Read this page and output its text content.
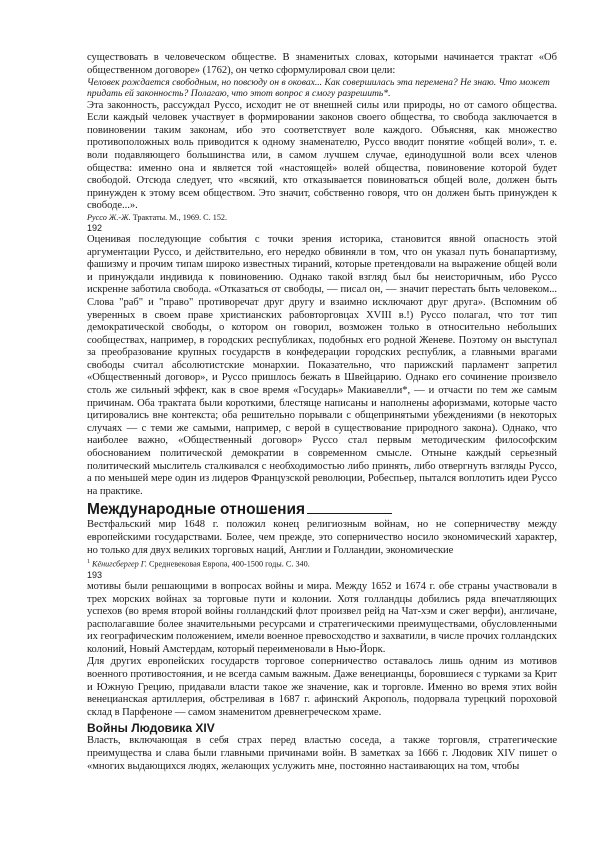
существовать в человеческом обществе. В знаменитых словах, которыми начинается трактат «Об общественном договоре» (1762), он четко сформулировал свои цели:

Человек рождается свободным, но повсюду он в оковах... Как совершилась эта перемена? Не знаю. Что может придать ей законность? Полагаю, что этот вопрос я смогу разрешить*.

Эта законность, рассуждал Руссо, исходит не от внешней силы или природы, но от самого общества. Если каждый человек участвует в формировании законов своего общества, то свобода заключается в повиновении таким законам, ибо это соответствует воле каждого. Объясняя, как множество противоположных воль приводится к одному знаменателю, Руссо вводит понятие «общей воли», т. е. воли подавляющего большинства или, в самом лучшем случае, единодушной воли всех членов общества: именно она и является той «настоящей» волей общества, повиновение которой будет свободой. Отсюда следует, что «всякий, кто отказывается повиноваться общей воле, должен быть принужден к этому всем обществом. Это значит, собственно говоря, что он должен быть принужден к свободе...».

Руссо Ж.-Ж. Трактаты. М., 1969. С. 152.

192

Оценивая последующие события с точки зрения историка, становится явной опасность этой аргументации Руссо, и действительно, его нередко обвиняли в том, что он указал путь бонапартизму, фашизму и прочим типам широко известных тираний, которые претендовали на выражение общей воли и принуждали индивида к повиновению. Однако такой взгляд был бы неисторичным, ибо Руссо искренне заботила свобода. «Отказаться от свободы, — писал он, — значит перестать быть человеком... Слова "раб" и "право" противоречат друг другу и взаимно исключают друг друга». (Вспомним об уверенных в своем праве христианских рабовторговцах XVIII в.!) Руссо полагал, что тот тип демократической свободы, о котором он говорил, возможен только в относительно небольших сообществах, например, в городских республиках, подобных его родной Женеве. Поэтому он выступал за преобразование крупных государств в конфедерации городских республик, а главными врагами свободы считал абсолютистские монархии. Показательно, что парижский парламент запретил «Общественный договор», и Руссо пришлось бежать в Швейцарию. Однако его сочинение произвело столь же сильный эффект, как в свое время «Государь» Макиавелли*, — и отчасти по тем же самым причинам. Оба трактата были короткими, блестяще написаны и наполнены афоризмами, которые часто цитировались вне контекста; оба решительно порывали с общепринятыми убеждениями (в некоторых случаях — с теми же самыми, например, с верой в существование природного закона). Однако, что наиболее важно, «Общественный договор» Руссо стал первым методическим философским обоснованием политической демократии в современном смысле. Отныне каждый серьезный политический мыслитель сталкивался с необходимостью либо принять, либо отвергнуть взгляды Руссо, а по меньшей мере один из лидеров Французской революции, Робеспьер, пытался воплотить идеи Руссо на практике.

Международные отношения

Вестфальский мир 1648 г. положил конец религиозным войнам, но не соперничеству между европейскими государствами. Более, чем прежде, это соперничество носило экономический характер, но только для двух великих торговых наций, Англии и Голландии, экономические

$^1$ Кёнигсбергер Г. Средневековая Европа, 400-1500 годы. С. 340.

193

мотивы были решающими в вопросах войны и мира. Между 1652 и 1674 г. обе страны участвовали в трех морских войнах за торговые пути и колонии. Хотя голландцы добились ряда впечатляющих успехов (во время второй войны голландский флот произвел рейд на Чат-хэм и сжег верфи), англичане, располагавшие более значительными ресурсами и стратегическими преимуществами, обусловленными их географическим положением, имели военное превосходство и захватили, в числе прочих голландских колоний, Новый Амстердам, который переименовали в Нью-Йорк.

Для других европейских государств торговое соперничество оставалось лишь одним из мотивов военного противостояния, и не всегда самым важным. Даже венецианцы, боровшиеся с турками за Крит и Южную Грецию, придавали власти такое же значение, как и торговле. Именно во время этих войн венецианская артиллерия, обстреливая в 1687 г. афинский Акрополь, подорвала турецкий пороховой склад в Парфеноне — самом знаменитом древнегреческом храме.

Войны Людовика XIV

Власть, включающая в себя страх перед властью соседа, а также торговля, стратегические преимущества и слава были главными причинами войн. В заметках за 1666 г. Людовик XIV пишет о «многих выдающихся людях, желающих услужить мне, постоянно настаивающих на том, чтобы
